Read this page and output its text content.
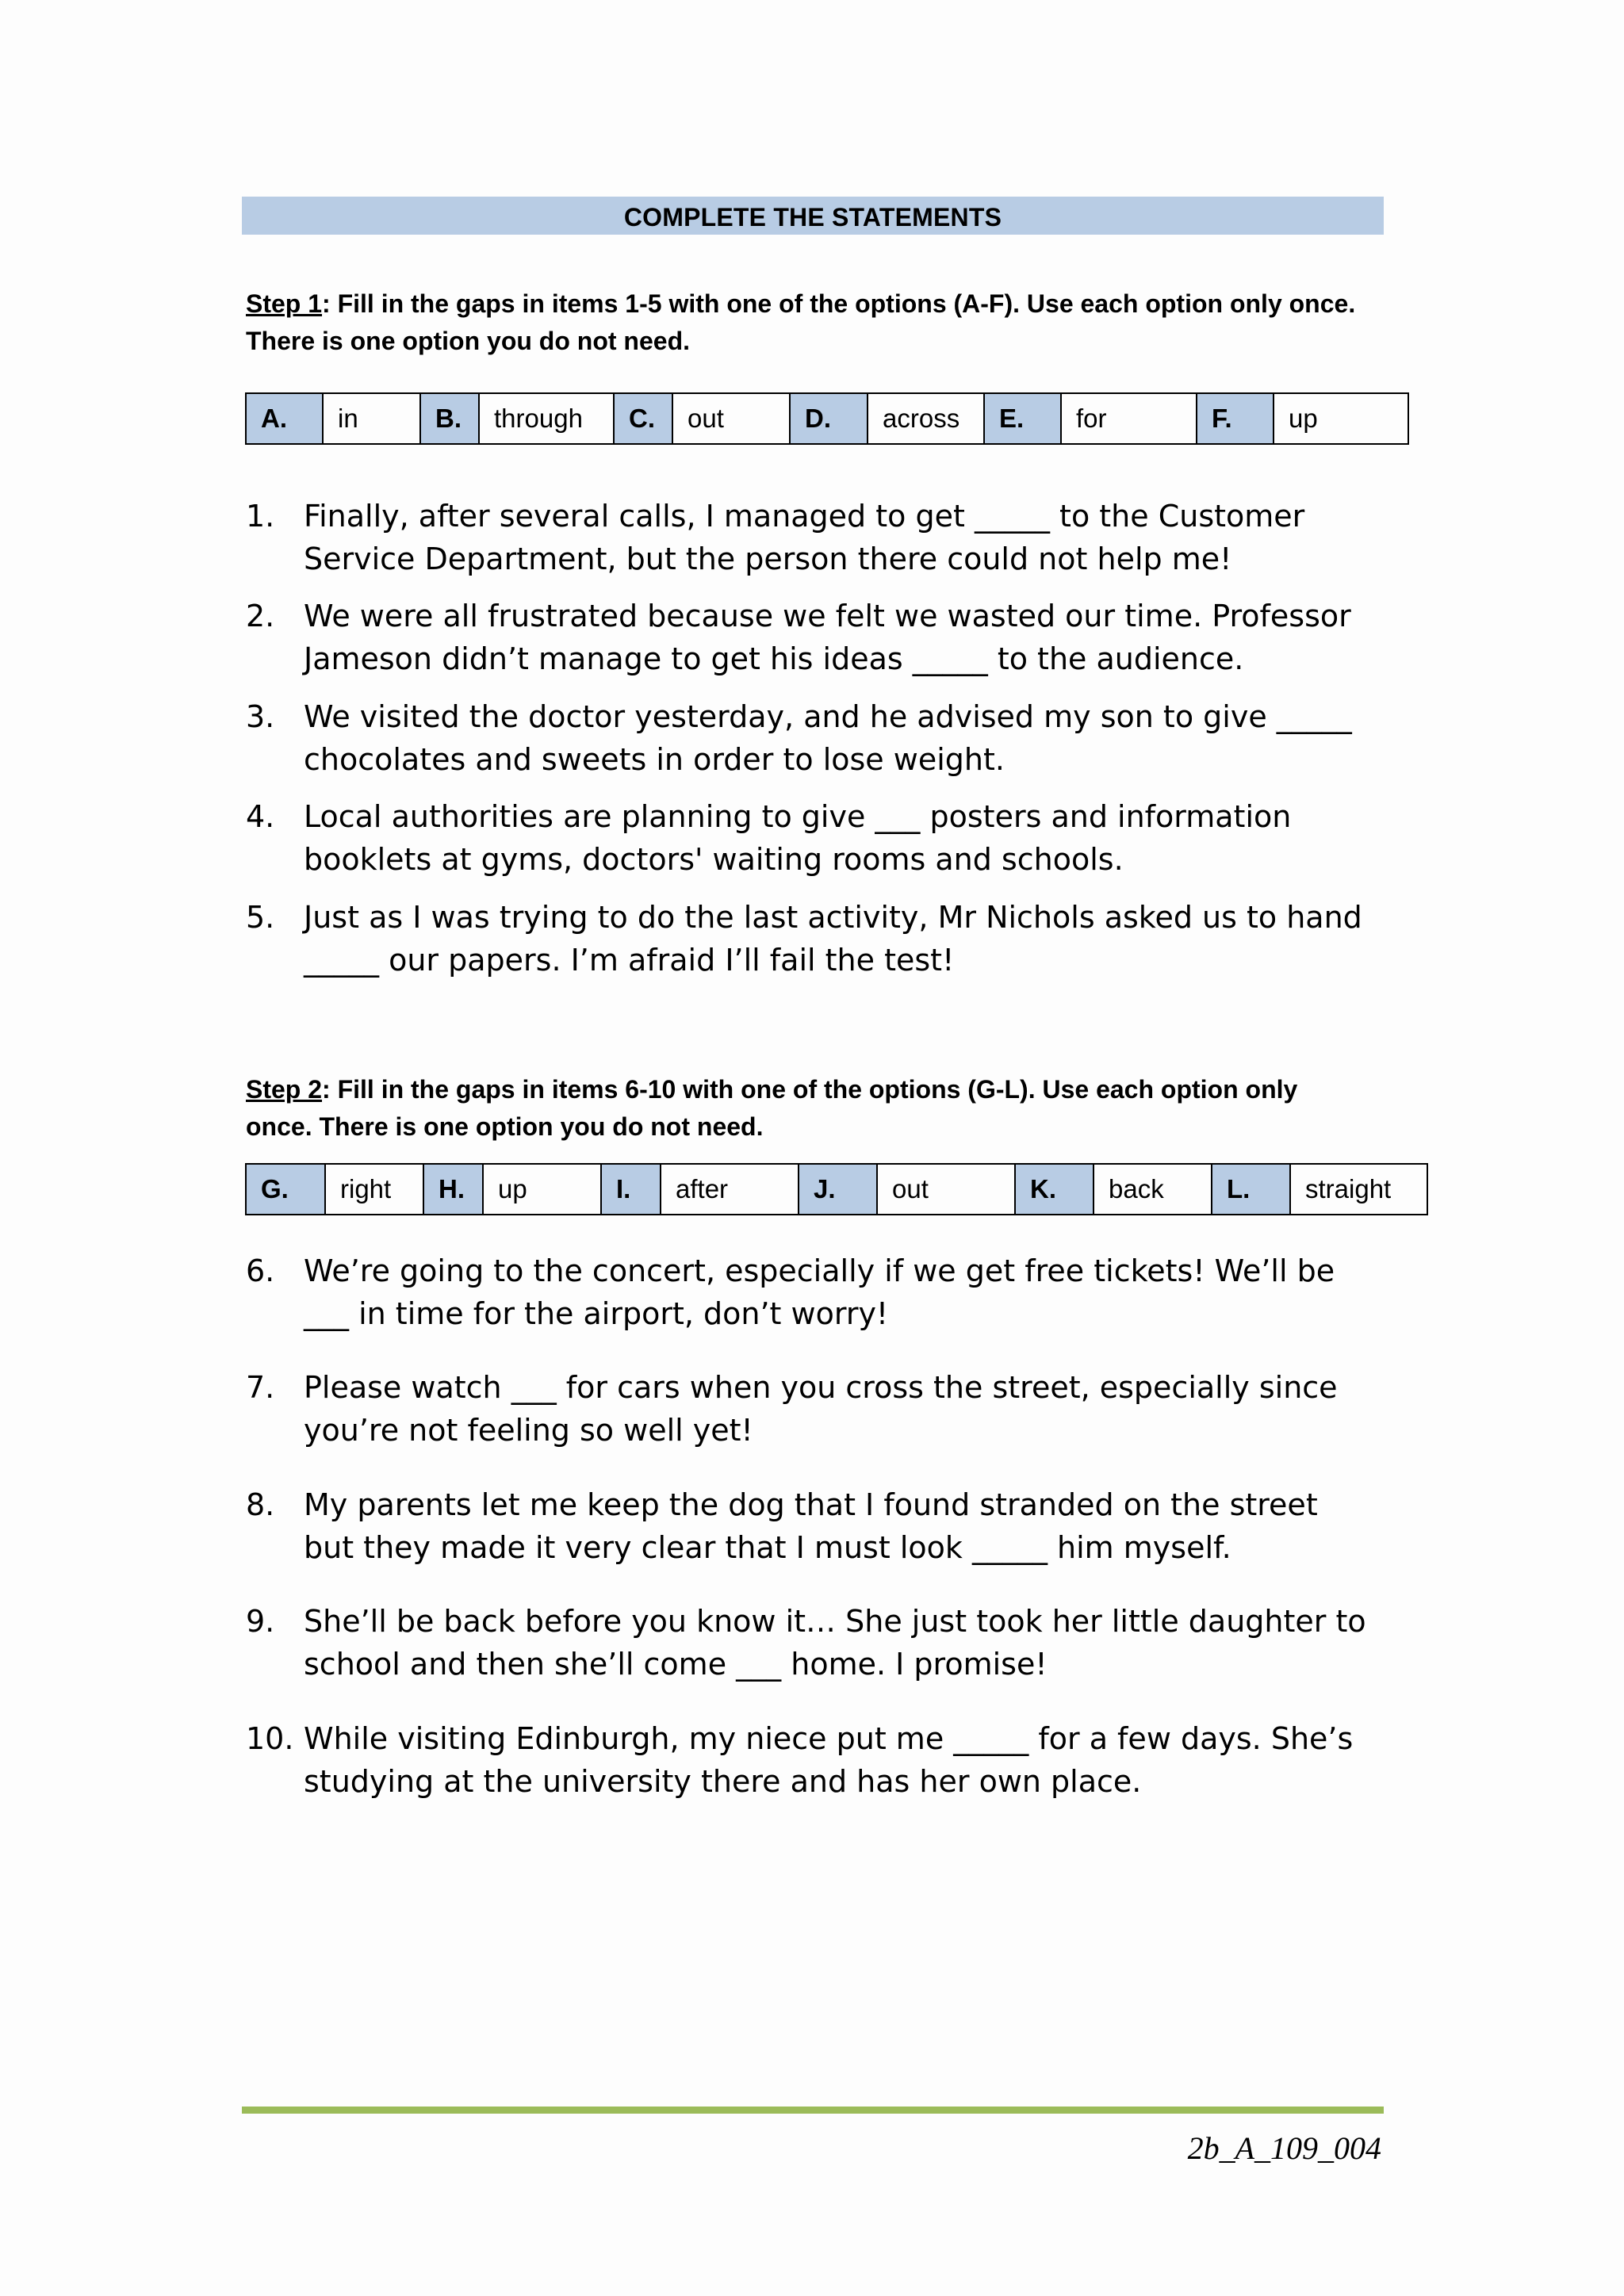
COMPLETE THE STATEMENTS
Step 1: Fill in the gaps in items 1-5 with one of the options (A-F). Use each option only once.
There is one option you do not need.
A.	in	B.	through	C.	out	D.	across	E.	for	F.	up
1. Finally, after several calls, I managed to get _____ to the Customer
Service Department, but the person there could not help me!
2. We were all frustrated because we felt we wasted our time. Professor
Jameson didn’t manage to get his ideas _____ to the audience.
3. We visited the doctor yesterday, and he advised my son to give _____
chocolates and sweets in order to lose weight.
4. Local authorities are planning to give ___ posters and information
booklets at gyms, doctors' waiting rooms and schools.
5. Just as I was trying to do the last activity, Mr Nichols asked us to hand
_____ our papers. I’m afraid I’ll fail the test!
Step 2: Fill in the gaps in items 6-10 with one of the options (G-L). Use each option only
once. There is one option you do not need.
G.	right	H.	up	I.	after	J.	out	K.	back	L.	straight
6. We’re going to the concert, especially if we get free tickets! We’ll be
___ in time for the airport, don’t worry!
7. Please watch ___ for cars when you cross the street, especially since
you’re not feeling so well yet!
8. My parents let me keep the dog that I found stranded on the street
but they made it very clear that I must look _____ him myself.
9. She’ll be back before you know it… She just took her little daughter to
school and then she’ll come ___ home. I promise!
10. While visiting Edinburgh, my niece put me _____ for a few days. She’s
studying at the university there and has her own place.
2b_A_109_004
